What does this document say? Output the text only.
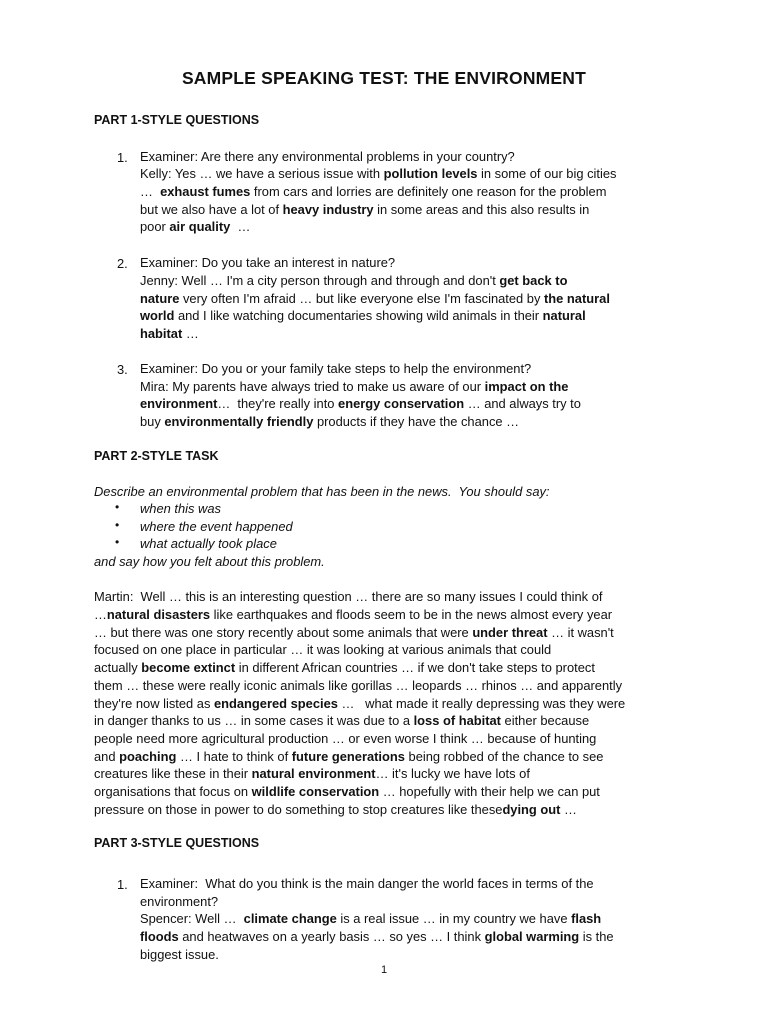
SAMPLE SPEAKING TEST: THE ENVIRONMENT
PART 1-STYLE QUESTIONS
1. Examiner: Are there any environmental problems in your country?
Kelly: Yes … we have a serious issue with pollution levels in some of our big cities
…  exhaust fumes from cars and lorries are definitely one reason for the problem
but we also have a lot of heavy industry in some areas and this also results in
poor air quality  …
2. Examiner: Do you take an interest in nature?
Jenny: Well … I'm a city person through and through and don't get back to
nature very often I'm afraid … but like everyone else I'm fascinated by the natural
world and I like watching documentaries showing wild animals in their natural
habitat …
3. Examiner: Do you or your family take steps to help the environment?
Mira: My parents have always tried to make us aware of our impact on the
environment…  they're really into energy conservation … and always try to
buy environmentally friendly products if they have the chance …
PART 2-STYLE TASK
Describe an environmental problem that has been in the news.  You should say:
• when this was
• where the event happened
• what actually took place
and say how you felt about this problem.
Martin:  Well … this is an interesting question … there are so many issues I could think of
…natural disasters like earthquakes and floods seem to be in the news almost every year
… but there was one story recently about some animals that were under threat … it wasn't
focused on one place in particular … it was looking at various animals that could
actually become extinct in different African countries … if we don't take steps to protect
them … these were really iconic animals like gorillas … leopards … rhinos … and apparently
they're now listed as endangered species …   what made it really depressing was they were
in danger thanks to us … in some cases it was due to a loss of habitat either because
people need more agricultural production … or even worse I think … because of hunting
and poaching … I hate to think of future generations being robbed of the chance to see
creatures like these in their natural environment… it's lucky we have lots of
organisations that focus on wildlife conservation … hopefully with their help we can put
pressure on those in power to do something to stop creatures like thesedying out …
PART 3-STYLE QUESTIONS
1. Examiner:  What do you think is the main danger the world faces in terms of the
environment?
Spencer: Well …  climate change is a real issue … in my country we have flash
floods and heatwaves on a yearly basis … so yes … I think global warming is the
biggest issue.
1
